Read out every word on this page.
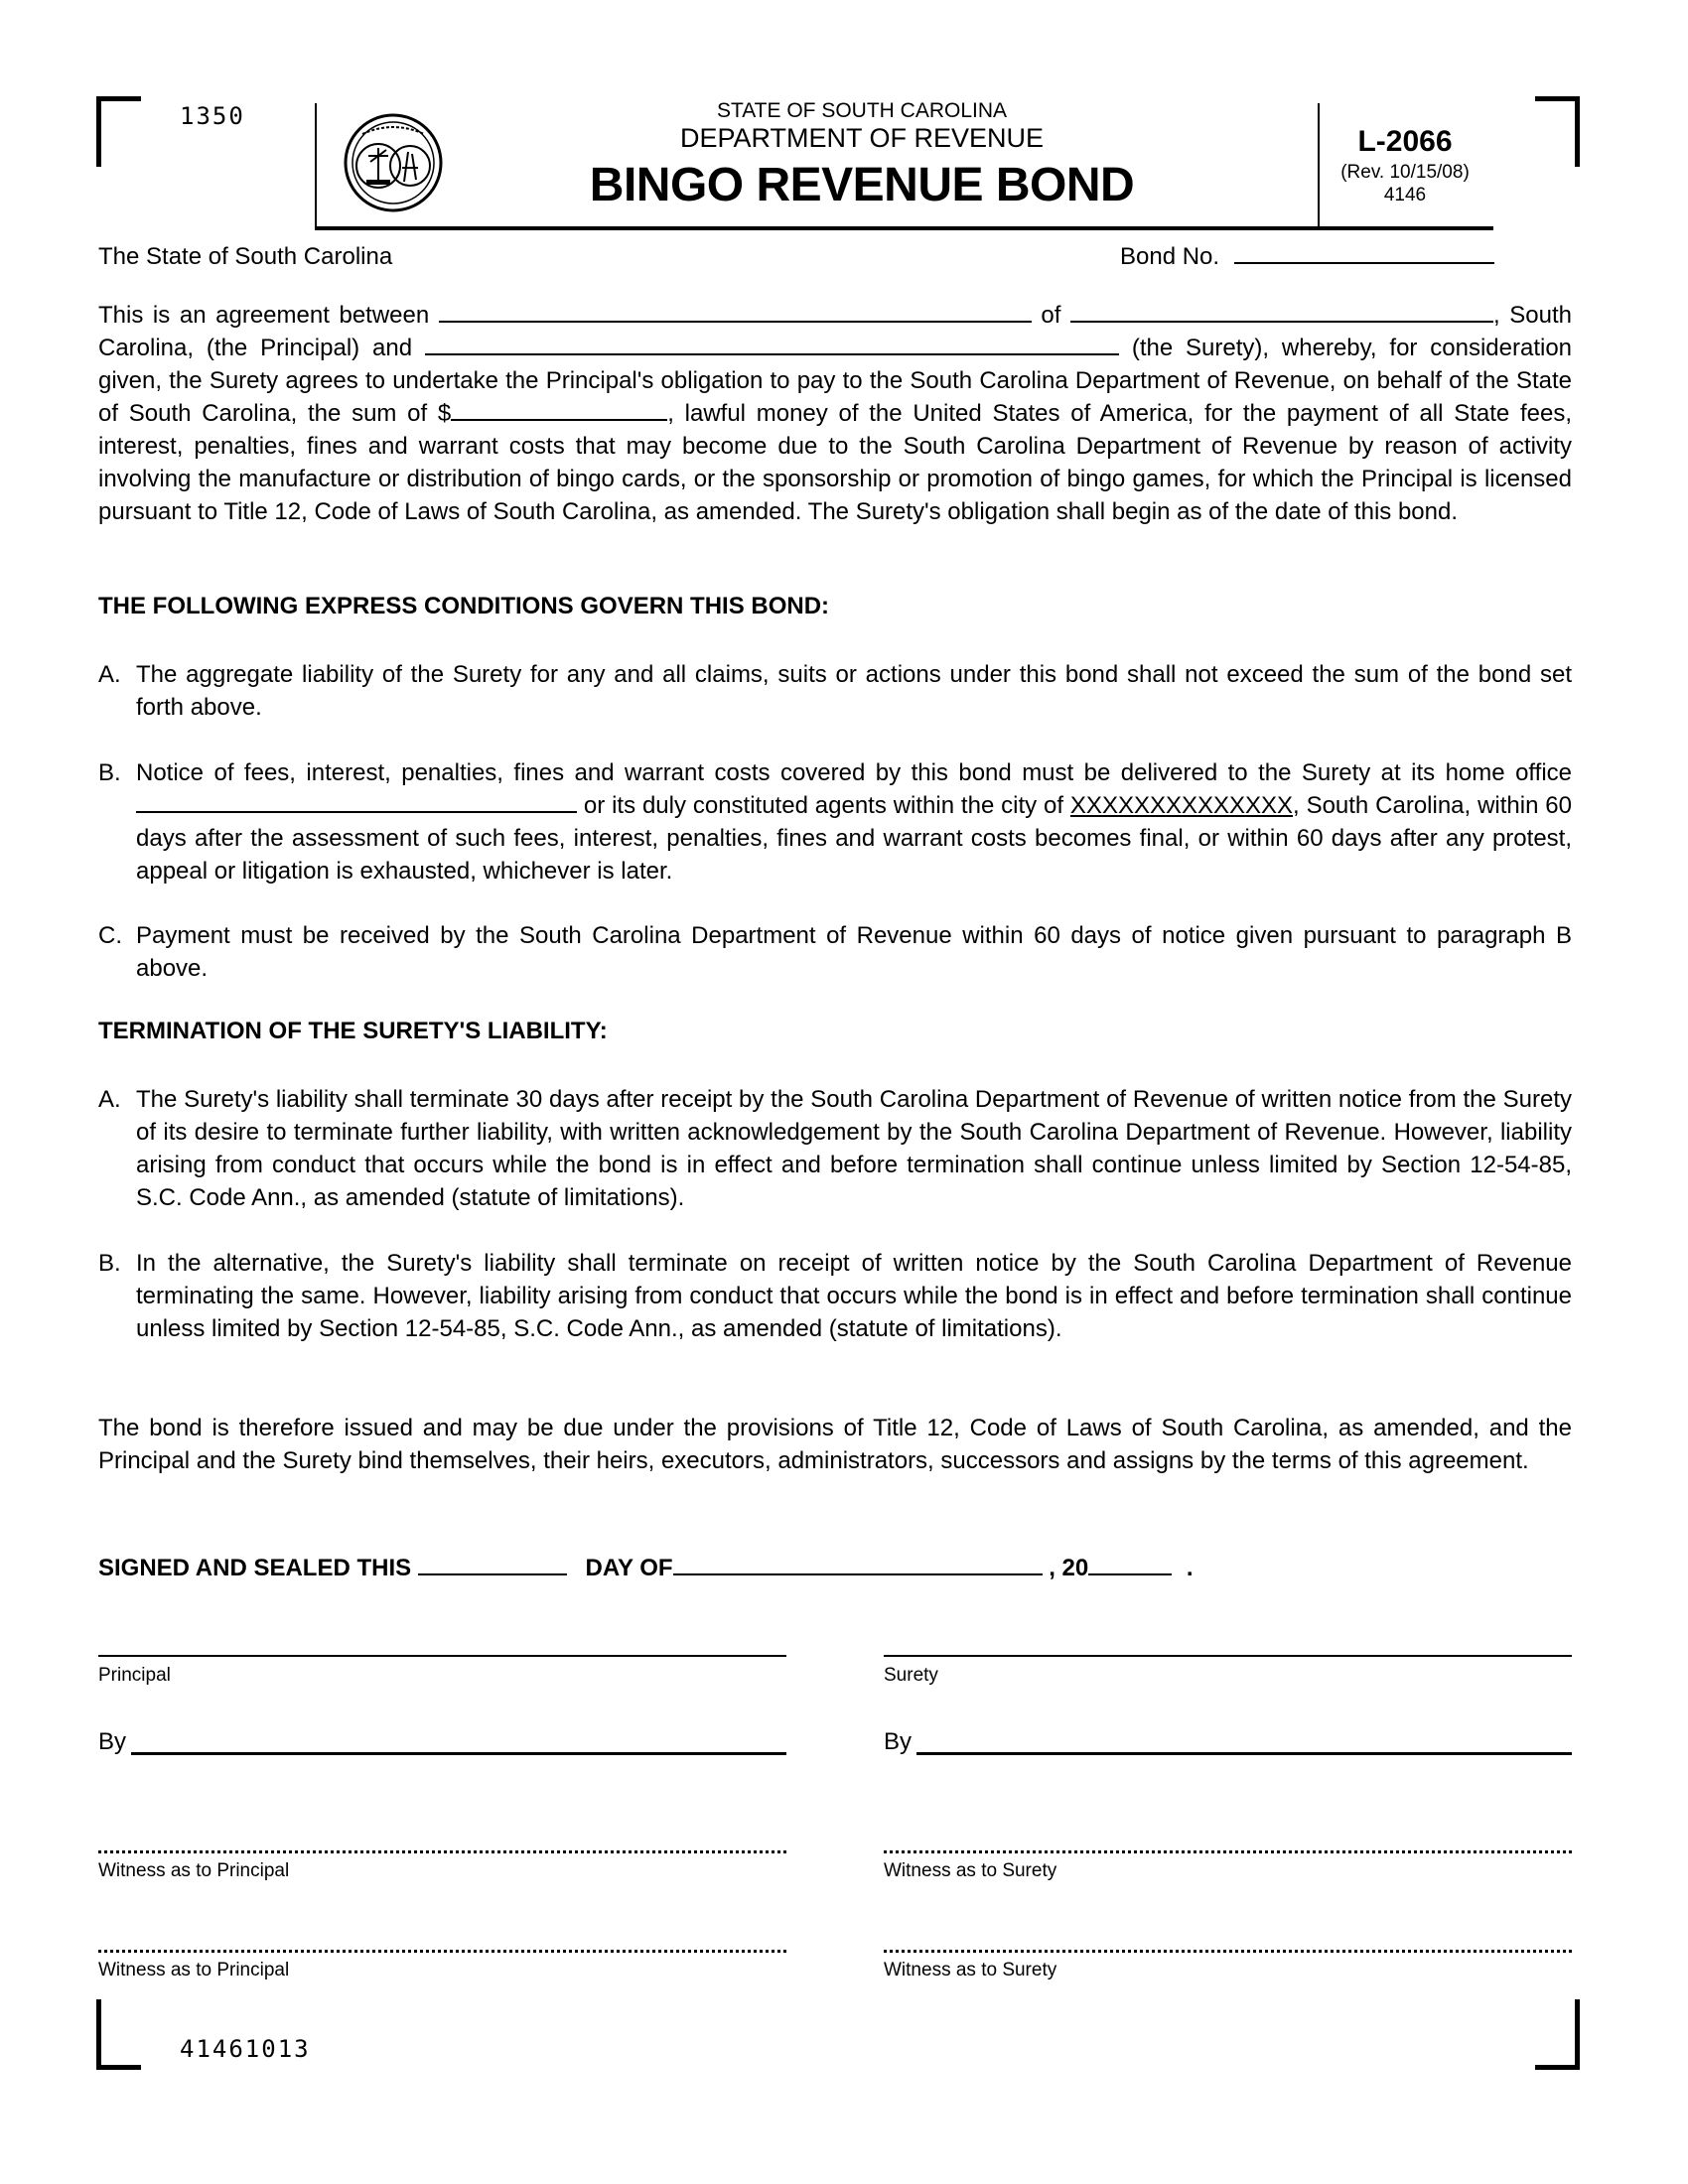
1350	STATE OF SOUTH CAROLINA
DEPARTMENT OF REVENUE
BINGO REVENUE BOND
L-2066
(Rev. 10/15/08)
4146
The State of South Carolina	Bond No.
This is an agreement between	of	, South Carolina, (the Principal) and	(the Surety), whereby, for consideration given, the Surety agrees to undertake the Principal's obligation to pay to the South Carolina Department of Revenue, on behalf of the State of South Carolina, the sum of $	, lawful money of the United States of America, for the payment of all State fees, interest, penalties, fines and warrant costs that may become due to the South Carolina Department of Revenue by reason of activity involving the manufacture or distribution of bingo cards, or the sponsorship or promotion of bingo games, for which the Principal is licensed pursuant to Title 12, Code of Laws of South Carolina, as amended. The Surety's obligation shall begin as of the date of this bond.
THE FOLLOWING EXPRESS CONDITIONS GOVERN THIS BOND:
A. The aggregate liability of the Surety for any and all claims, suits or actions under this bond shall not exceed the sum of the bond set forth above.
B. Notice of fees, interest, penalties, fines and warrant costs covered by this bond must be delivered to the Surety at its home office  or its duly constituted agents within the city of XXXXXXXXXXXXXX, South Carolina, within 60 days after the assessment of such fees, interest, penalties, fines and warrant costs becomes final, or within 60 days after any protest, appeal or litigation is exhausted, whichever is later.
C. Payment must be received by the South Carolina Department of Revenue within 60 days of notice given pursuant to paragraph B above.
TERMINATION OF THE SURETY'S LIABILITY:
A. The Surety's liability shall terminate 30 days after receipt by the South Carolina Department of Revenue of written notice from the Surety of its desire to terminate further liability, with written acknowledgement by the South Carolina Department of Revenue. However, liability arising from conduct that occurs while the bond is in effect and before termination shall continue unless limited by Section 12-54-85, S.C. Code Ann., as amended (statute of limitations).
B. In the alternative, the Surety's liability shall terminate on receipt of written notice by the South Carolina Department of Revenue terminating the same. However, liability arising from conduct that occurs while the bond is in effect and before termination shall continue unless limited by Section 12-54-85, S.C. Code Ann., as amended (statute of limitations).
The bond is therefore issued and may be due under the provisions of Title 12, Code of Laws of South Carolina, as amended, and the Principal and the Surety bind themselves, their heirs, executors, administrators, successors and assigns by the terms of this agreement.
SIGNED AND SEALED THIS	DAY OF	, 20	.
Principal	Surety
By	By
Witness as to Principal	Witness as to Surety
Witness as to Principal	Witness as to Surety
41461013
